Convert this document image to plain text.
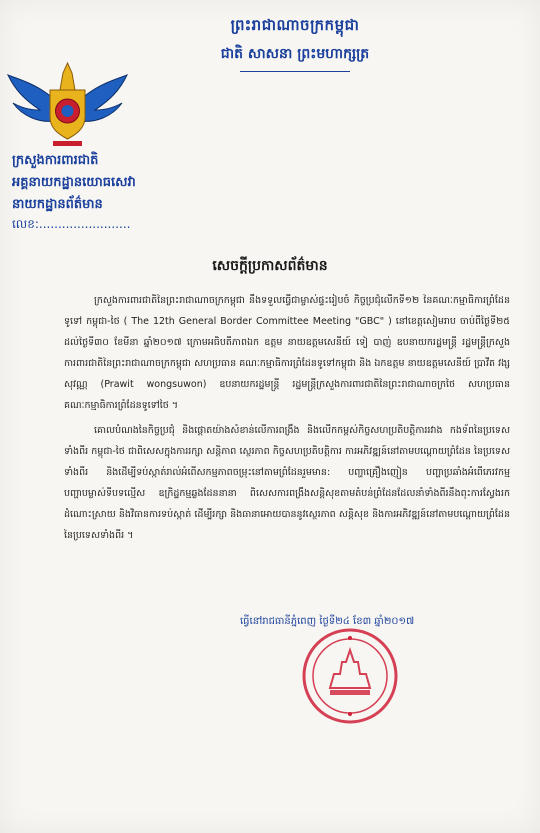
ព្រះរាជាណាចក្រកម្ពុជា
ជាតិ សាសនា ព្រះមហាក្សត្រ
ក្រសួងការពារជាតិ
អគ្គនាយកដ្ឋានយោធសេវា
នាយកដ្ឋានព័ត៌មាន
លេខ:........................
សេចក្ដីប្រកាសព័ត៌មាន

ក្រសួងការពារជាតិនៃព្រះរាជាណាចក្រកម្ពុជា នឹងទទួលធ្វើជាម្ចាស់ផ្ទះរៀបចំ កិច្ចប្រជុំលើកទី១២ នៃគណៈកម្មាធិការព្រំដែនទូទៅ កម្ពុជា-ថៃ ( The 12th General Border Committee Meeting "GBC" ) នៅខេត្តសៀមរាប ចាប់ពីថ្ងៃទី២៥ ដល់ថ្ងៃទី៣០ ខែមីនា ឆ្នាំ២០១៧ ក្រោមអធិបតីភាពឯក ឧត្តម នាយឧត្តមសេនីយ៍ ទៀ បាញ់ ឧបនាយករដ្ឋមន្ត្រី រដ្ឋមន្ត្រីក្រសួងការពារជាតិនៃព្រះរាជាណាចក្រកម្ពុជា សហប្រធាន គណៈកម្មាធិការព្រំដែនទូទៅកម្ពុជា និង ឯកឧត្តម នាយឧត្តមសេនីយ៍ ប្រាវីត វង្សសុវណ្ណ (Prawit wongsuwon) ឧបនាយករដ្ឋមន្ត្រី រដ្ឋមន្ត្រីក្រសួងការពារជាតិនៃព្រះរាជាណាចក្រថៃ សហប្រធានគណៈកម្មាធិការព្រំដែនទូទៅថៃ ។

គោលបំណងនៃកិច្ចប្រជុំ និងផ្ដោតយ៉ាងសំខាន់លើការពង្រឹង និងលើកកម្ពស់កិច្ចសហប្រតិបត្តិការរវាង កងទ័ពនៃប្រទេសទាំងពីរ កម្ពុជា-ថៃ ជាពិសេសក្នុងការរក្សា សន្តិភាព ស្ថេរភាព កិច្ចសហប្រតិបត្តិការ ការអភិវឌ្ឍន៍នៅតាមបណ្ដោយព្រំដែន នៃប្រទេសទាំងពីរ និងដើម្បីទប់ស្កាត់រាល់អំពើសកម្មភាពចម្រុះនៅតាមព្រំដែនរួមមាន: បញ្ហាគ្រឿងញៀន បញ្ហាប្រឆាំងអំពើភេរវកម្ម បញ្ហាបម្លាស់ទីបទល្មើស ឧក្រិដ្ឋកម្មឆ្លងដែននានា ពិសេសការពង្រឹងសន្តិសុខតាមតំបន់ព្រំដែនដែលនាំទាំងពីរនឹងពុះការស្វែងរកដំណោះស្រាយ និងវិធានការទប់ស្កាត់ ដើម្បីរក្សា និងធានាអោយបាននូវស្ថេរភាព សន្តិសុខ និងការអភិវឌ្ឍន៍នៅតាមបណ្ដោយព្រំដែននៃប្រទេសទាំងពីរ ។

ធ្វើនៅរាជធានីភ្នំពេញ ថ្ងៃទី២៤ ខែ៣ ឆ្នាំ២០១៧
